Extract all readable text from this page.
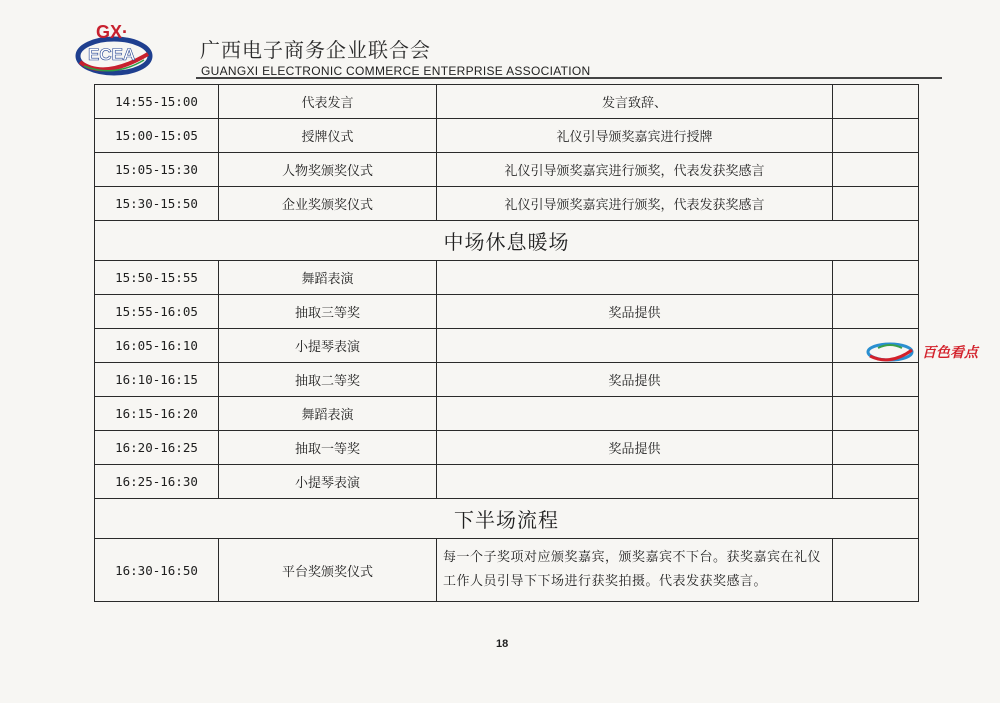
GX·
ECEA	广西电子商务企业联合会
GUANGXI ELECTRONIC COMMERCE ENTERPRISE ASSOCIATION
14:55-15:00	代表发言	发言致辞、	
15:00-15:05	授牌仪式	礼仪引导颁奖嘉宾进行授牌	
15:05-15:30	人物奖颁奖仪式	礼仪引导颁奖嘉宾进行颁奖，代表发获奖感言	
15:30-15:50	企业奖颁奖仪式	礼仪引导颁奖嘉宾进行颁奖，代表发获奖感言	
中场休息暖场			
15:50-15:55	舞蹈表演		
15:55-16:05	抽取三等奖	奖品提供	
16:05-16:10	小提琴表演		
16:10-16:15	抽取二等奖	奖品提供	
16:15-16:20	舞蹈表演		
16:20-16:25	抽取一等奖	奖品提供	
16:25-16:30	小提琴表演		
下半场流程			
16:30-16:50	平台奖颁奖仪式	每一个子奖项对应颁奖嘉宾，颁奖嘉宾不下台。获奖嘉宾在礼仪工作人员引导下下场进行获奖拍摄。代表发获奖感言。	
18
百色看点
